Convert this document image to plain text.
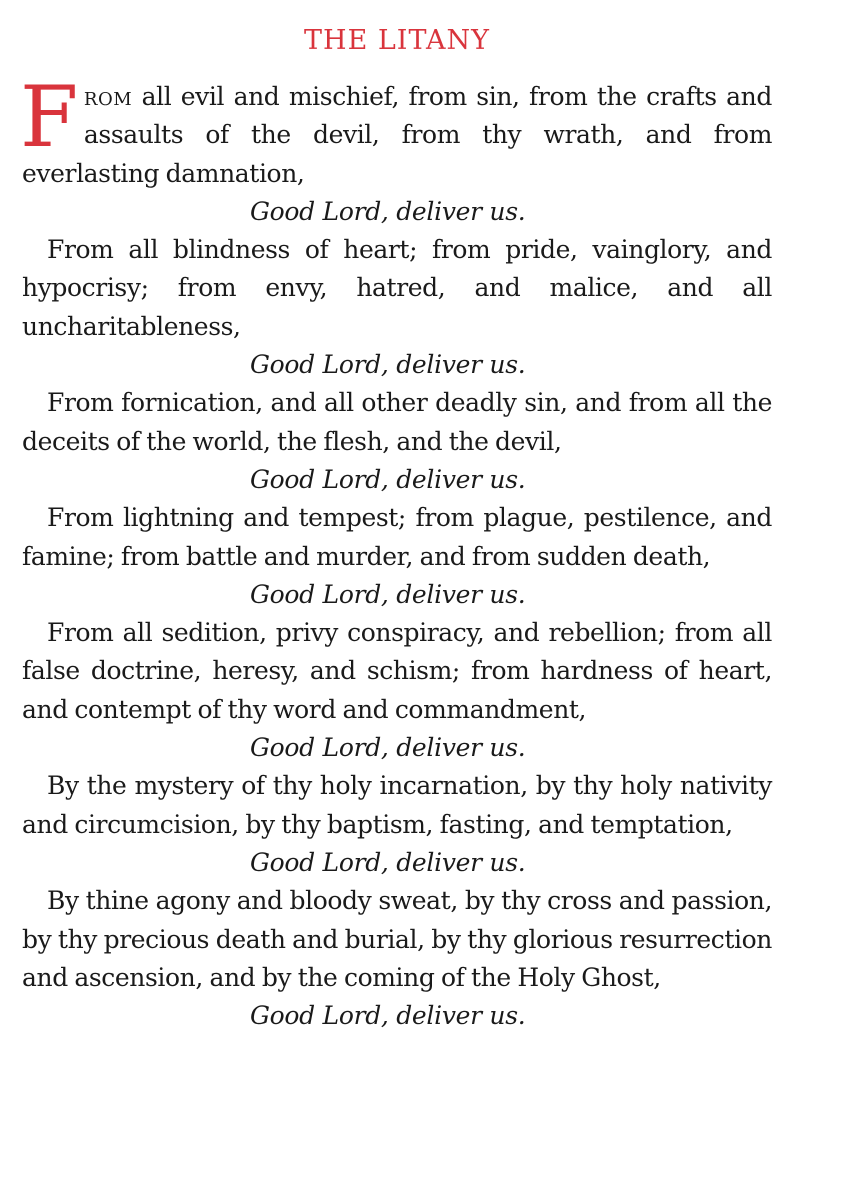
THE LITANY

From all evil and mischief, from sin, from the crafts and assaults of the devil, from thy wrath, and from everlasting damnation,

Good Lord, deliver us.

From all blindness of heart; from pride, vainglory, and hypocrisy; from envy, hatred, and malice, and all uncharitableness,

Good Lord, deliver us.

From fornication, and all other deadly sin, and from all the deceits of the world, the flesh, and the devil,

Good Lord, deliver us.

From lightning and tempest; from plague, pestilence, and famine; from battle and murder, and from sudden death,

Good Lord, deliver us.

From all sedition, privy conspiracy, and rebellion; from all false doctrine, heresy, and schism; from hardness of heart, and contempt of thy word and commandment,

Good Lord, deliver us.

By the mystery of thy holy incarnation, by thy holy nativity and circumcision, by thy baptism, fasting, and temptation,

Good Lord, deliver us.

By thine agony and bloody sweat, by thy cross and passion, by thy precious death and burial, by thy glorious resurrection and ascension, and by the coming of the Holy Ghost,

Good Lord, deliver us.
